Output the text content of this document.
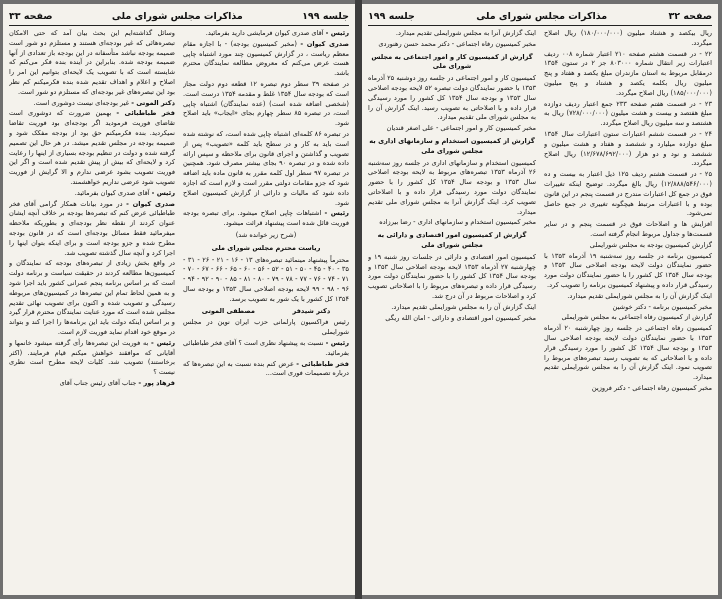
جلسه ۱۹۹
مذاکرات مجلس شورای ملی
صفحه ۳۳

رئیس - آقای صدری کیوان فرمایشی دارید بفرمائید.

صدری کیوان - (مخبر کمیسیون بودجه) - با اجازه مقام معظم ریاست ، در گزارش کمیسیون چند مورد اشتباه چاپی هست عرض می‌کنم که معروض مطالعه نمایندگان محترم باشد.

در صفحه ۳۹ سطر دوم تبصره ۱۲ قطعه دوم دولت مجاز است که بودجه سال ۱۳۵۴ غلط و مقدمه ۱۳۵۴ درست است. (شخصی اضافه شده است) (عده نمایندگان) اشتباه چاپی است، در تبصره ۸۵ سطر چهارم بجای «ایجاب» باید اصلاح شود.

در تبصره ۸۶ کلمه‌ای اشتباه چاپی شده است، که نوشته شده است باید به کار و در سطح باید کلمه «تصویب» پس از تصویب و گذاشتن و اجرای قانون برای ملاحظه و سپس ارائه داده شده و در تبصره ۹۰ بجای بیشتر مصرف شود. همچنین در تبصره ۹۷ سطر اول کلمه مقرر به قانون ماده باید اضافه شود که جزو مقامات دولتی مقرر است و لازم است که اجازه داده شود که مالیات و دارائی از گزارش کمیسیون اصلاح شود.

رئیس - اشتباهات چاپی اصلاح میشود. برای تبصره بودجه فوریت قائل شده است پیشنهاد قرائت میشود.

(شرح زیر خوانده شد)

ریاست محترم مجلس شورای ملی

محترماً پیشنهاد مینمائید تبصره‌های ۱۳ - ۱۶ - ۲۱ - ۲۶ - ۳۱ - ۳۵ - ۴۰ - ۴۵ - ۵۰ - ۵۱ - ۵۲ - ۵۶ - ۶۰ - ۶۵ - ۶۶ - ۶۷ - ۷۰ - ۷۱ - ۷۴ - ۷۶ - ۷۷ - ۷۸ - ۷۹ - ۸۰ - ۸۱ - ۸۵ - ۹۰ - ۹۲ - ۹۴ - ۹۶ - ۹۸ - ۹۹ لایحه بودجه اصلاحی سال ۱۳۵۳ و بودجه سال ۱۳۵۴ کل کشور با یک شور به تصویب برسد.

دکتر شیدفر
مصطفی الموتی

رئیس فراکسیون پارلمانی حزب ایران نوین در مجلس شورایملی

رئیس - نسبت به پیشنهاد نظری است ؟ آقای فخر طباطبائی بفرمائید.

فخر طباطبائی - عرض کنم بنده نسبت به این تبصره‌ها که درباره تصمیمات فوری است...

وسائل گذاشته‌ایم این بحث بیان آمد که حتی الامکان تبصره‌هائی که غیر بودجه‌ای هستند و مستلزم دو شور است ضمیمه بودجه نباشد متأسفانه در این بودجه باز تعدادی از آنها ضمیمه بودجه شده. بنابراین در آینده بنده فکر می‌کنم که شایسته است که با تصویب یک لایحه‌ای بتوانیم این امر را اصلاح و اعلام و اهداف تقدیم شده بنده فکرمیکنم کم نظر بود این تبصره‌های غیر بودجه‌ای که مستلزم دو شور است.

دکتر الموتی - غیر بودجه‌ای نیست دوشوری است.

فخر طباطبائی - بهمین ضرورت که دوشوری است تقاضای فوریت فرمودید اگر بودجه‌ای بود فوریت تقاضا نمیکردید. بنده فکرمیکنم حق بود از بودجه مفکک شود و ضمیمه بودجه در مجلس تقدیم میشد. در هر حال این تصمیم گرفته شده و دولت در تنظیم بودجه بسیاری از اینها را رعایت کرد و لایحه‌ای که بیش از پیش تقدیم شده است و اگر این فوریت تصویب بشود عرضی ندارم و الا گرایش از فوریت تصویب شود عرضی نداریم خواهشمند.

رئیس - آقای صدری کیوان بفرمائید.

صدری کیوان - در مورد بیانات همکار گرامی آقای فخر طباطبائی عرض کنم که تبصره‌ها بودجه بر خلاف آنچه ایشان عنوان کردند از نقطه نظر بودجه‌ای و بطوریکه ملاحظه میفرمائید فقط مسائل بودجه‌ای است که در قانون بودجه مطرح شده و جزو بودجه است و برای اینکه بتوان اینها را اجرا کرد و آنچه سال گذشته تصویب شد.

در واقع بخش زیادی از تبصره‌های بودجه که نمایندگان و کمیسیون‌ها مطالعه کردند در حقیقت سیاست و برنامه دولت است که بر اساس برنامه پنجم عمرانی کشور باید اجرا شود و به همین لحاظ تمام این تبصره‌ها در کمیسیون‌های مربوطه رسیدگی و تصویب شده و اکنون برای تصویب نهائی تقدیم مجلس شده است که مورد عنایت نمایندگان محترم قرار گیرد و بر اساس اینکه دولت باید این برنامه‌ها را اجرا کند و بتواند در موقع خود اقدام نماید فوریت لازم است.

رئیس - به فوریت این تبصره‌ها رأی گرفته میشود خانمها و آقایانی که موافقند خواهش میکنم قیام فرمایند. (اکثر برخاستند) تصویب شد. کلیات لایحه مطرح است نظری نیست ؟

فرهاد پور - جناب آقای رئیس جناب آقای

صفحه ۳۲
مذاکرات مجلس شورای ملی
جلسه ۱۹۹

ریال بیکصد و هشتاد میلیون (۱۸۰/۰۰۰/۰۰۰) ریال اصلاح میگردد.

۲۲ - در قسمت هشتم صفحه ۲۱۰ اعتبار شماره ۰۰۸ ردیف اعتبارات زیر انتقال شماره ۸۰۳۰۰۰ جز ۲ در ستون ۱۳۵۴ درمقابل مربوط به استان مازندران مبلغ یکصد و هفتاد و پنج میلیون ریال بکلمه یکصد و هشتاد و پنج میلیون (۱۸۵/۰۰۰/۰۰۰) ریال اصلاح میگردد.

۲۳ - در قسمت هفتم صفحه ۲۳۳ جمع اعتبار ردیف دوازده مبلغ هفتصد و بیست و هشت میلیون (۷۲۸/۰۰۰/۰۰۰) ریال به هشتصد و سه میلیون ریال اصلاح میگردد.

۲۴ - در قسمت ششم اعتبارات ستون اعتبارات سال ۱۳۵۴ مبلغ دوازده میلیارد و ششصد و هفتاد و هشت میلیون و ششصد و نود و دو هزار (۱۲/۶۷۸/۶۹۲/۰۰۰) ریال اصلاح میگردد.

۲۵ - در قسمت هشتم ردیف ۱۲۵ ذیل اعتبار به بیست و ده (۱۲/۸۸۸/۵۴۶/۰۰۰) ریال بالغ میگردد. توضیح اینکه تغییرات فوق در جمع کل اعتبارات مندرج در قسمت پنجم در این قانون بوده و با اعتبارات مرتبط هیچگونه تغییری در جمع حاصل نمی‌شود.

افزایش ها و اصلاحات فوق در قسمت پنجم و در سایر قسمت‌ها و جداول مربوط انجام گرفته است.

گزارش کمیسیون بودجه به مجلس شورایملی

کمیسیون برنامه در جلسه روز سه‌شنبه ۱۹ آذرماه ۱۳۵۳ با حضور نمایندگان دولت لایحه بودجه اصلاحی سال ۱۳۵۳ و بودجه سال ۱۳۵۴ کل کشور را با حضور نمایندگان دولت مورد رسیدگی قرار داده و پیشنهاد کمیسیون برنامه را تصویب کرد.

اینک گزارش آن را به مجلس شورایملی تقدیم میدارد.

مخبر کمیسیون برنامه - دکتر خوشین

گزارش از کمیسیون رفاه اجتماعی به مجلس شورایملی

کمیسیون رفاه اجتماعی در جلسه روز چهارشنبه ۲۰ آذرماه ۱۳۵۳ با حضور نمایندگان دولت لایحه بودجه اصلاحی سال ۱۳۵۳ و بودجه سال ۱۳۵۴ کل کشور را مورد رسیدگی قرار داده و با اصلاحاتی که به تصویب رسید تبصره‌های مربوط را تصویب نمود. اینک گزارش آن را به مجلس شورایملی تقدیم میدارد.

مخبر کمیسیون رفاه اجتماعی - دکتر فروزین

اینک گزارش آنرا به مجلس شورایملی تقدیم میدارد.

مخبر کمیسیون رفاه اجتماعی - دکتر محمد حسن رهنوردی

گزارش از کمیسیون کار و امور اجتماعی به مجلس شورای ملی

کمیسیون کار و امور اجتماعی در جلسه روز دوشنبه ۲۵ آذرماه ۱۳۵۳ با حضور نمایندگان دولت تبصره ۵۲ لایحه بودجه اصلاحی سال ۱۳۵۳ و بودجه سال ۱۳۵۴ کل کشور را مورد رسیدگی قرار داده و با اصلاحاتی به تصویب رسید. اینک گزارش آن را به مجلس شورای ملی تقدیم میدارد.

مخبر کمیسیون کار و امور اجتماعی - علی اصغر قندیان

گزارش از کمیسیون استخدام و سازمانهای اداری به مجلس شورای ملی

کمیسیون استخدام و سازمانهای اداری در جلسه روز سه‌شنبه ۲۶ آذرماه ۱۳۵۳ تبصره‌های مربوط به لایحه بودجه اصلاحی سال ۱۳۵۳ و بودجه سال ۱۳۵۴ کل کشور را با حضور نمایندگان دولت مورد رسیدگی قرار داده و با اصلاحاتی تصویب کرد. اینک گزارش آنرا به مجلس شورای ملی تقدیم میدارد.

مخبر کمیسیون استخدام و سازمانهای اداری - رضا بیرزاده

گزارش از کمیسیون امور اقتصادی و دارائی به مجلس شورای ملی

کمیسیون امور اقتصادی و دارائی در جلسات روز شنبه ۱۹ و چهارشنبه ۲۷ آذرماه ۱۳۵۳ لایحه بودجه اصلاحی سال ۱۳۵۳ و بودجه سال ۱۳۵۴ کل کشور را با حضور نمایندگان دولت مورد رسیدگی قرار داده و تبصره‌های مربوط را با اصلاحاتی تصویب کرد و اصلاحات مربوط در آن درج شد.

اینک گزارش آن را به مجلس شورایملی تقدیم میدارد.

مخبر کمیسیون امور اقتصادی و دارائی - امان الله ریگی
